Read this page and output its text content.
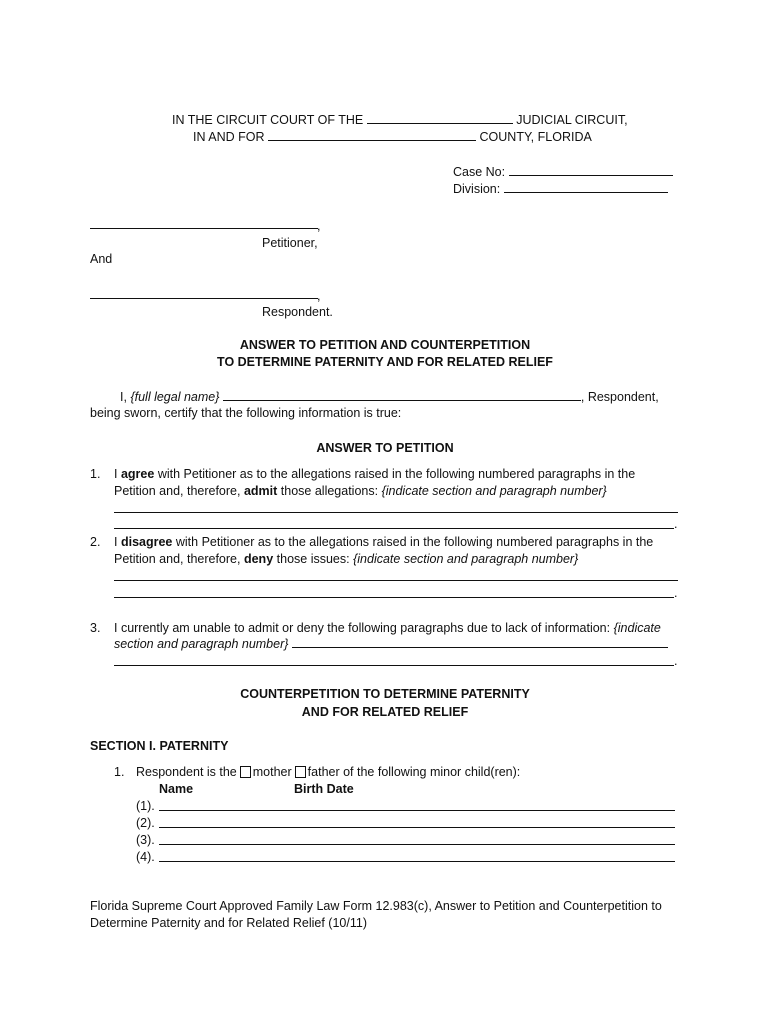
IN THE CIRCUIT COURT OF THE	JUDICIAL CIRCUIT,
IN AND FOR	COUNTY, FLORIDA
Case No:
Division:
,
Petitioner,
And
,
Respondent.
ANSWER TO PETITION AND COUNTERPETITION
TO DETERMINE PATERNITY AND FOR RELATED RELIEF
I, {full legal name}	, Respondent,
being sworn, certify that the following information is true:
ANSWER TO PETITION
1. I agree with Petitioner as to the allegations raised in the following numbered paragraphs in the
Petition and, therefore, admit those allegations: {indicate section and paragraph number}
.
2. I disagree with Petitioner as to the allegations raised in the following numbered paragraphs in the
Petition and, therefore, deny those issues: {indicate section and paragraph number}
.
3. I currently am unable to admit or deny the following paragraphs due to lack of information: {indicate
section and paragraph number}
.
COUNTERPETITION TO DETERMINE PATERNITY
AND FOR RELATED RELIEF
SECTION I. PATERNITY
1. Respondent is the mother father of the following minor child(ren):
Name	Birth Date
(1).
(2).
(3).
(4).
Florida Supreme Court Approved Family Law Form 12.983(c), Answer to Petition and Counterpetition to
Determine Paternity and for Related Relief (10/11)
